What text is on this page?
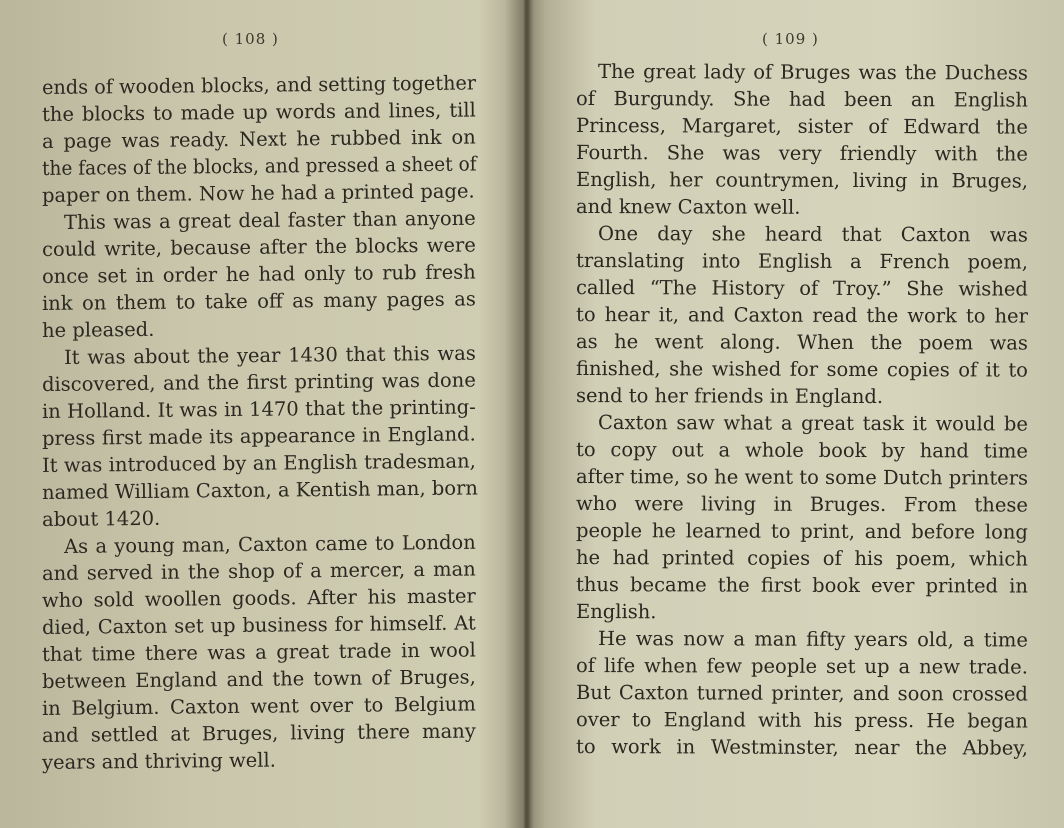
( 108 )
ends of wooden blocks, and setting together
the blocks to made up words and lines, till
a page was ready. Next he rubbed ink on
the faces of the blocks, and pressed a sheet of
paper on them. Now he had a printed page.
This was a great deal faster than anyone
could write, because after the blocks were
once set in order he had only to rub fresh
ink on them to take off as many pages as
he pleased.
It was about the year 1430 that this was
discovered, and the first printing was done
in Holland. It was in 1470 that the printing-
press first made its appearance in England.
It was introduced by an English tradesman,
named William Caxton, a Kentish man, born
about 1420.
As a young man, Caxton came to London
and served in the shop of a mercer, a man
who sold woollen goods. After his master
died, Caxton set up business for himself. At
that time there was a great trade in wool
between England and the town of Bruges,
in Belgium. Caxton went over to Belgium
and settled at Bruges, living there many
years and thriving well.
( 109 )
The great lady of Bruges was the Duchess
of Burgundy. She had been an English
Princess, Margaret, sister of Edward the
Fourth. She was very friendly with the
English, her countrymen, living in Bruges,
and knew Caxton well.
One day she heard that Caxton was
translating into English a French poem,
called “The History of Troy.” She wished
to hear it, and Caxton read the work to her
as he went along. When the poem was
finished, she wished for some copies of it to
send to her friends in England.
Caxton saw what a great task it would be
to copy out a whole book by hand time
after time, so he went to some Dutch printers
who were living in Bruges. From these
people he learned to print, and before long
he had printed copies of his poem, which
thus became the first book ever printed in
English.
He was now a man fifty years old, a time
of life when few people set up a new trade.
But Caxton turned printer, and soon crossed
over to England with his press. He began
to work in Westminster, near the Abbey,
